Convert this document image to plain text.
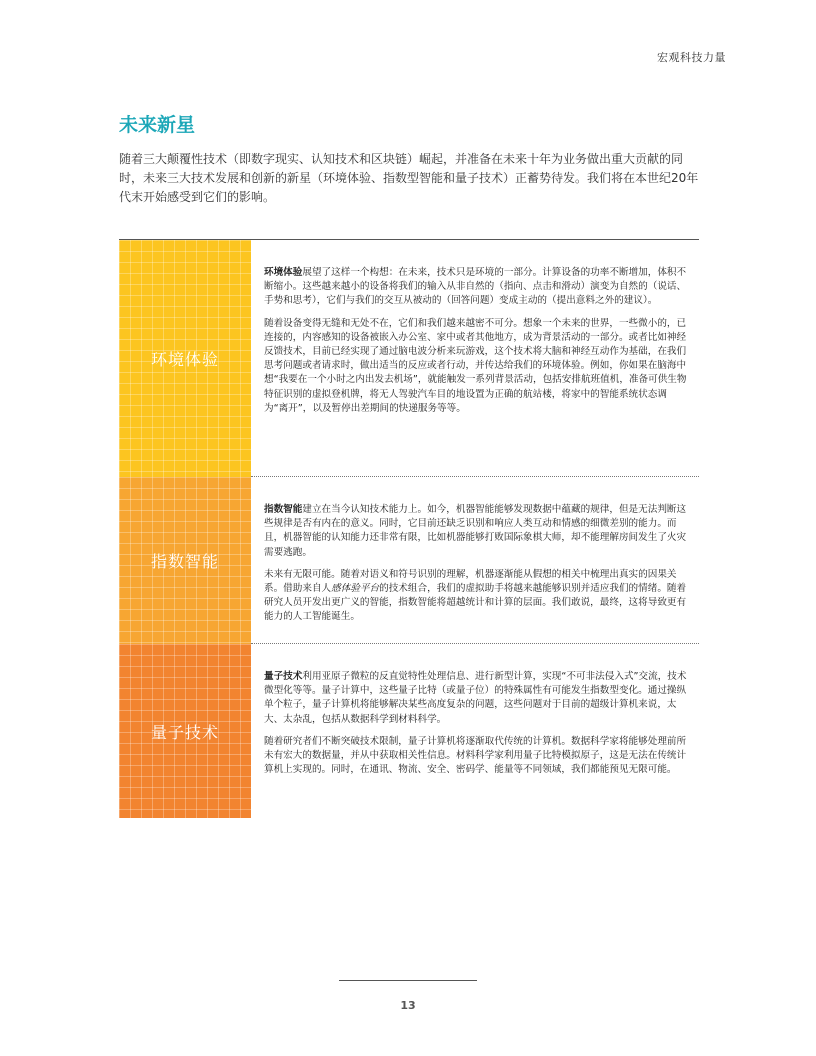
宏观科技力量
未来新星
随着三大颠覆性技术（即数字现实、认知技术和区块链）崛起，并准备在未来十年为业务做出重大贡献的同时，未来三大技术发展和创新的新星（环境体验、指数型智能和量子技术）正蓄势待发。我们将在本世纪20年代末开始感受到它们的影响。
环境体验

环境体验展望了这样一个构想：在未来，技术只是环境的一部分。计算设备的功率不断增加，体积不断缩小。这些越来越小的设备将我们的输入从非自然的（指向、点击和滑动）演变为自然的（说话、手势和思考），它们与我们的交互从被动的（回答问题）变成主动的（提出意料之外的建议）。

随着设备变得无缝和无处不在，它们和我们越来越密不可分。想象一个未来的世界，一些微小的，已连接的，内容感知的设备被嵌入办公室、家中或者其他地方，成为背景活动的一部分。或者比如神经反馈技术，目前已经实现了通过脑电波分析来玩游戏，这个技术将大脑和神经互动作为基础，在我们思考问题或者请求时，做出适当的反应或者行动，并传达给我们的环境体验。例如，你如果在脑海中想“我要在一个小时之内出发去机场”，就能触发一系列背景活动，包括安排航班值机，准备可供生物特征识别的虚拟登机牌，将无人驾驶汽车目的地设置为正确的航站楼，将家中的智能系统状态调为“离开”，以及暂停出差期间的快递服务等等。

指数智能

指数智能建立在当今认知技术能力上。如今，机器智能能够发现数据中蕴藏的规律，但是无法判断这些规律是否有内在的意义。同时，它目前还缺乏识别和响应人类互动和情感的细微差别的能力。而且，机器智能的认知能力还非常有限，比如机器能够打败国际象棋大师，却不能理解房间发生了火灾需要逃跑。

未来有无限可能。随着对语义和符号识别的理解，机器逐渐能从假想的相关中梳理出真实的因果关系。借助来自人感体验平台的技术组合，我们的虚拟助手将越来越能够识别并适应我们的情绪。随着研究人员开发出更广义的智能，指数智能将超越统计和计算的层面。我们敢说，最终，这将导致更有能力的人工智能诞生。

量子技术

量子技术利用亚原子微粒的反直觉特性处理信息、进行新型计算，实现“不可非法侵入式”交流，技术微型化等等。量子计算中，这些量子比特（或量子位）的特殊属性有可能发生指数型变化。通过操纵单个粒子，量子计算机将能够解决某些高度复杂的问题，这些问题对于目前的超级计算机来说，太大、太杂乱，包括从数据科学到材料科学。

随着研究者们不断突破技术限制，量子计算机将逐渐取代传统的计算机。数据科学家将能够处理前所未有宏大的数据量，并从中获取相关性信息。材料科学家利用量子比特模拟原子，这是无法在传统计算机上实现的。同时，在通讯、物流、安全、密码学、能量等不同领域，我们都能预见无限可能。

13
